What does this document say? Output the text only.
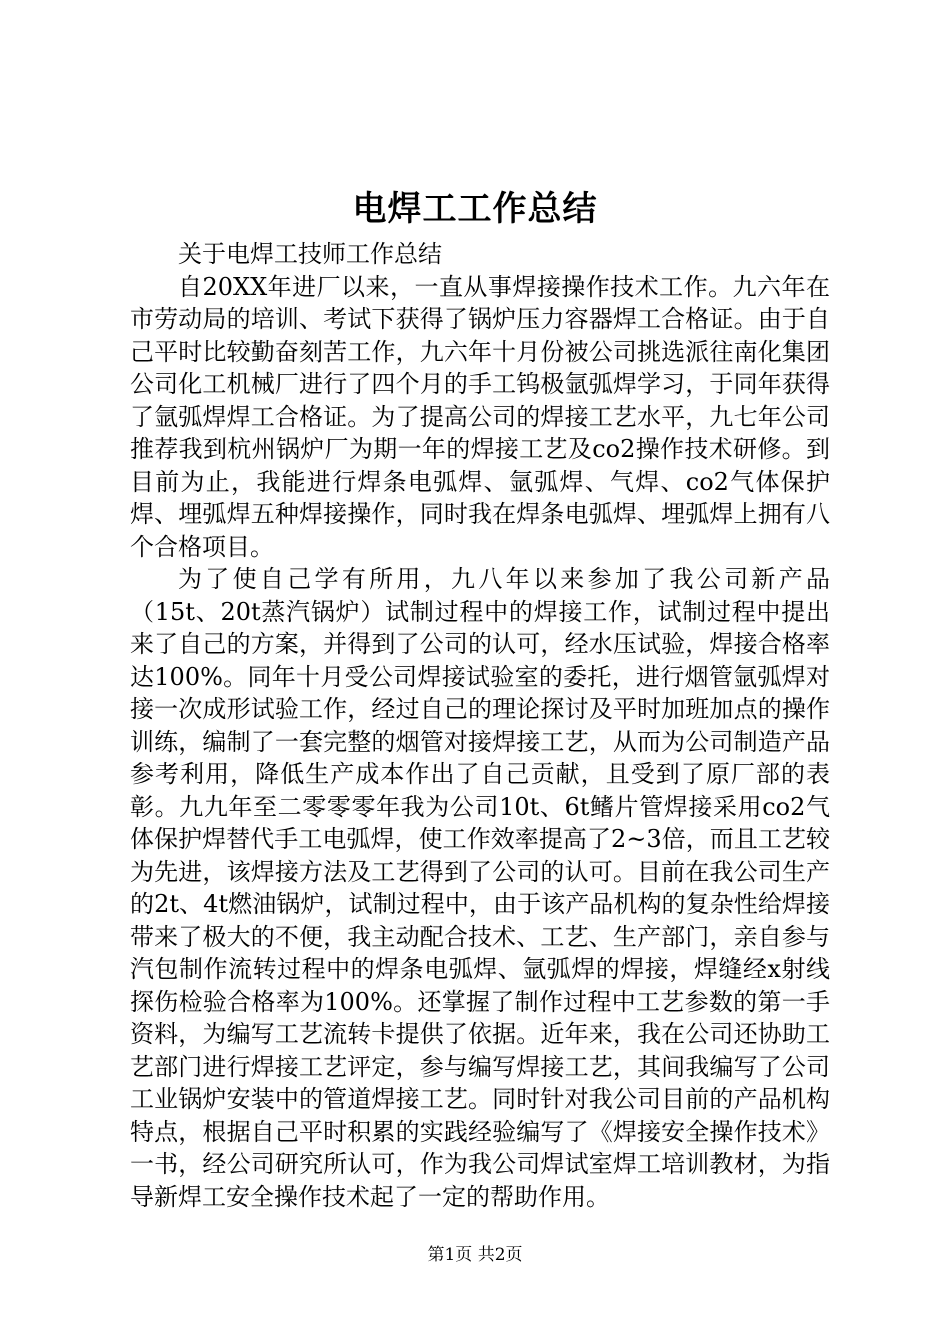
电焊工工作总结

关于电焊工技师工作总结

自20XX年进厂以来，一直从事焊接操作技术工作。九六年在市劳动局的培训、考试下获得了锅炉压力容器焊工合格证。由于自己平时比较勤奋刻苦工作，九六年十月份被公司挑选派往南化集团公司化工机械厂进行了四个月的手工钨极氩弧焊学习，于同年获得了氩弧焊焊工合格证。为了提高公司的焊接工艺水平，九七年公司推荐我到杭州锅炉厂为期一年的焊接工艺及co2操作技术研修。到目前为止，我能进行焊条电弧焊、氩弧焊、气焊、co2气体保护焊、埋弧焊五种焊接操作，同时我在焊条电弧焊、埋弧焊上拥有八个合格项目。

为了使自己学有所用，九八年以来参加了我公司新产品（15t、20t蒸汽锅炉）试制过程中的焊接工作，试制过程中提出来了自己的方案，并得到了公司的认可，经水压试验，焊接合格率达100%。同年十月受公司焊接试验室的委托，进行烟管氩弧焊对接一次成形试验工作，经过自己的理论探讨及平时加班加点的操作训练，编制了一套完整的烟管对接焊接工艺，从而为公司制造产品参考利用，降低生产成本作出了自己贡献，且受到了原厂部的表彰。九九年至二零零零年我为公司10t、6t鳍片管焊接采用co2气体保护焊替代手工电弧焊，使工作效率提高了2~3倍，而且工艺较为先进，该焊接方法及工艺得到了公司的认可。目前在我公司生产的2t、4t燃油锅炉，试制过程中，由于该产品机构的复杂性给焊接带来了极大的不便，我主动配合技术、工艺、生产部门，亲自参与汽包制作流转过程中的焊条电弧焊、氩弧焊的焊接，焊缝经x射线探伤检验合格率为100%。还掌握了制作过程中工艺参数的第一手资料，为编写工艺流转卡提供了依据。近年来，我在公司还协助工艺部门进行焊接工艺评定，参与编写焊接工艺，其间我编写了公司工业锅炉安装中的管道焊接工艺。同时针对我公司目前的产品机构特点，根据自己平时积累的实践经验编写了《焊接安全操作技术》一书，经公司研究所认可，作为我公司焊试室焊工培训教材，为指导新焊工安全操作技术起了一定的帮助作用。

第1页 共2页
